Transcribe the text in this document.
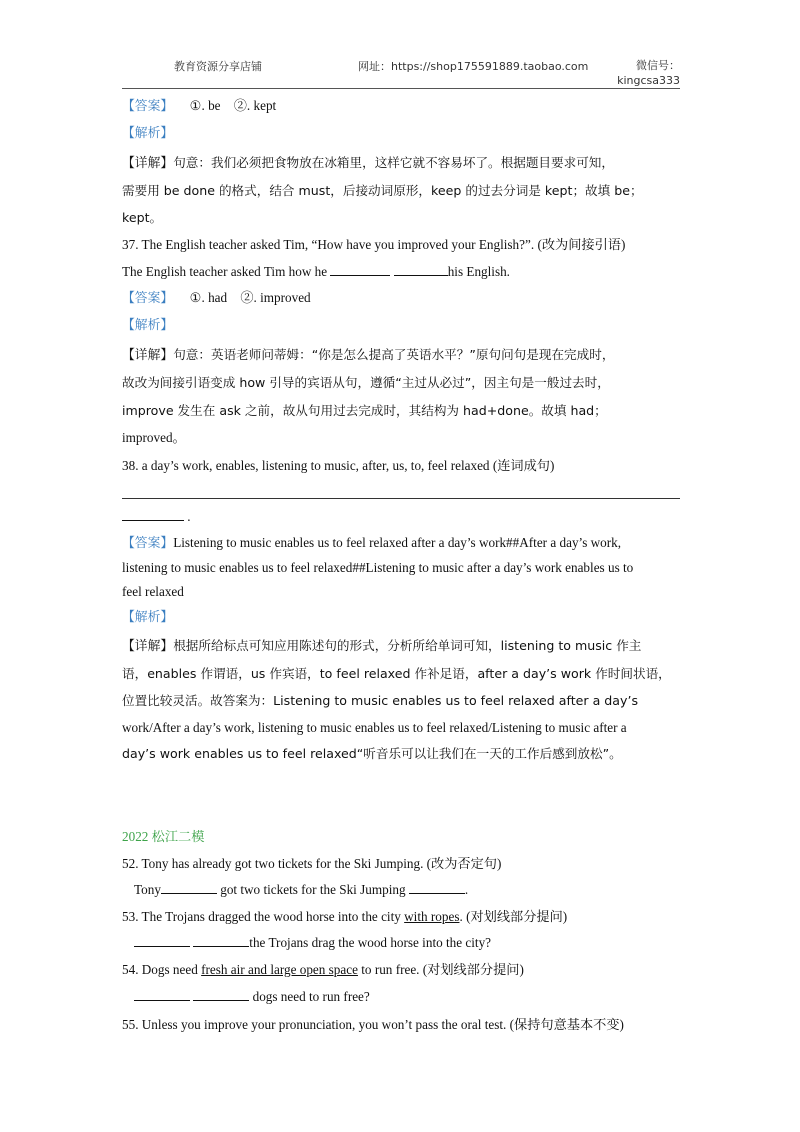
教育资源分享店铺	网址：https://shop175591889.taobao.com	微信号：
kingcsa333
【答案】 ①. be　②. kept
【解析】
【详解】句意：我们必须把食物放在冰箱里，这样它就不容易坏了。根据题目要求可知，
需要用 be done 的格式，结合 must，后接动词原形，keep 的过去分词是 kept；故填 be；
kept。
37. The English teacher asked Tim, “How have you improved your English?”. (改为间接引语)
The English teacher asked Tim how he	his English.
【答案】 ①. had　②. improved
【解析】
【详解】句意：英语老师问蒂姆：“你是怎么提高了英语水平？”原句问句是现在完成时，
故改为间接引语变成 how 引导的宾语从句，遵循“主过从必过”，因主句是一般过去时，
improve 发生在 ask 之前，故从句用过去完成时，其结构为 had+done。故填 had；
improved。
38. a day’s work, enables, listening to music, after, us, to, feel relaxed (连词成句)
.
【答案】Listening to music enables us to feel relaxed after a day’s work##After a day’s work,
listening to music enables us to feel relaxed##Listening to music after a day’s work enables us to
feel relaxed
【解析】
【详解】根据所给标点可知应用陈述句的形式，分析所给单词可知，listening to music 作主
语，enables 作谓语，us 作宾语，to feel relaxed 作补足语，after a day’s work 作时间状语，
位置比较灵活。故答案为：Listening to music enables us to feel relaxed after a day’s
work/After a day’s work, listening to music enables us to feel relaxed/Listening to music after a
day’s work enables us to feel relaxed“听音乐可以让我们在一天的工作后感到放松”。
2022 松江二模
52. Tony has already got two tickets for the Ski Jumping. (改为否定句)
Tony	got two tickets for the Ski Jumping	.
53. The Trojans dragged the wood horse into the city with ropes. (对划线部分提问)
the Trojans drag the wood horse into the city?
54. Dogs need fresh air and large open space to run free. (对划线部分提问)
dogs need to run free?
55. Unless you improve your pronunciation, you won’t pass the oral test. (保持句意基本不变)
